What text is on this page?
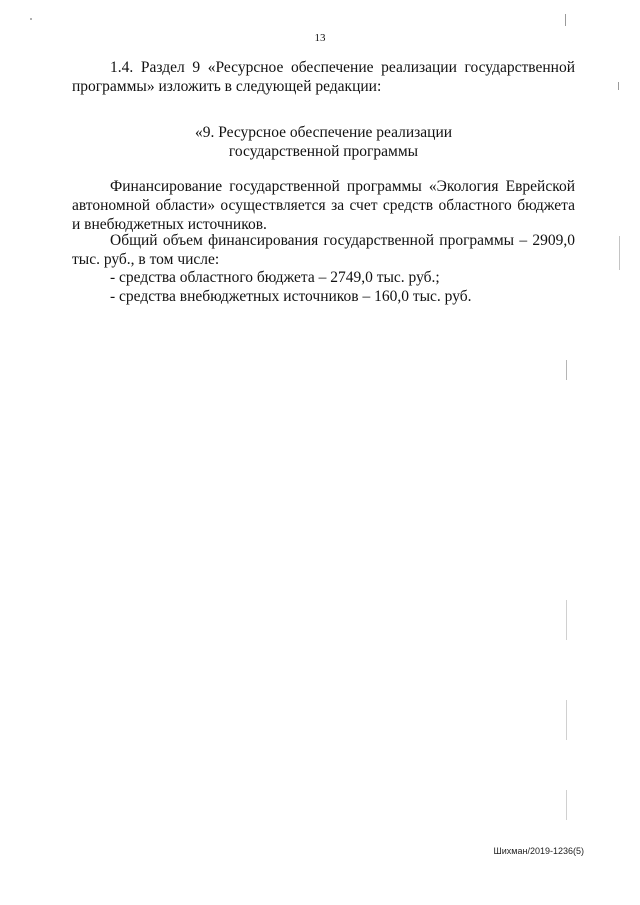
13

1.4. Раздел 9 «Ресурсное обеспечение реализации государственной программы» изложить в следующей редакции:

«9. Ресурсное обеспечение реализации
государственной программы

Финансирование государственной программы «Экология Еврейской автономной области» осуществляется за счет средств областного бюджета и внебюджетных источников.

Общий объем финансирования государственной программы – 2909,0 тыс. руб., в том числе:

- средства областного бюджета – 2749,0 тыс. руб.;

- средства внебюджетных источников – 160,0 тыс. руб.

Шихман/2019-1236(5)
